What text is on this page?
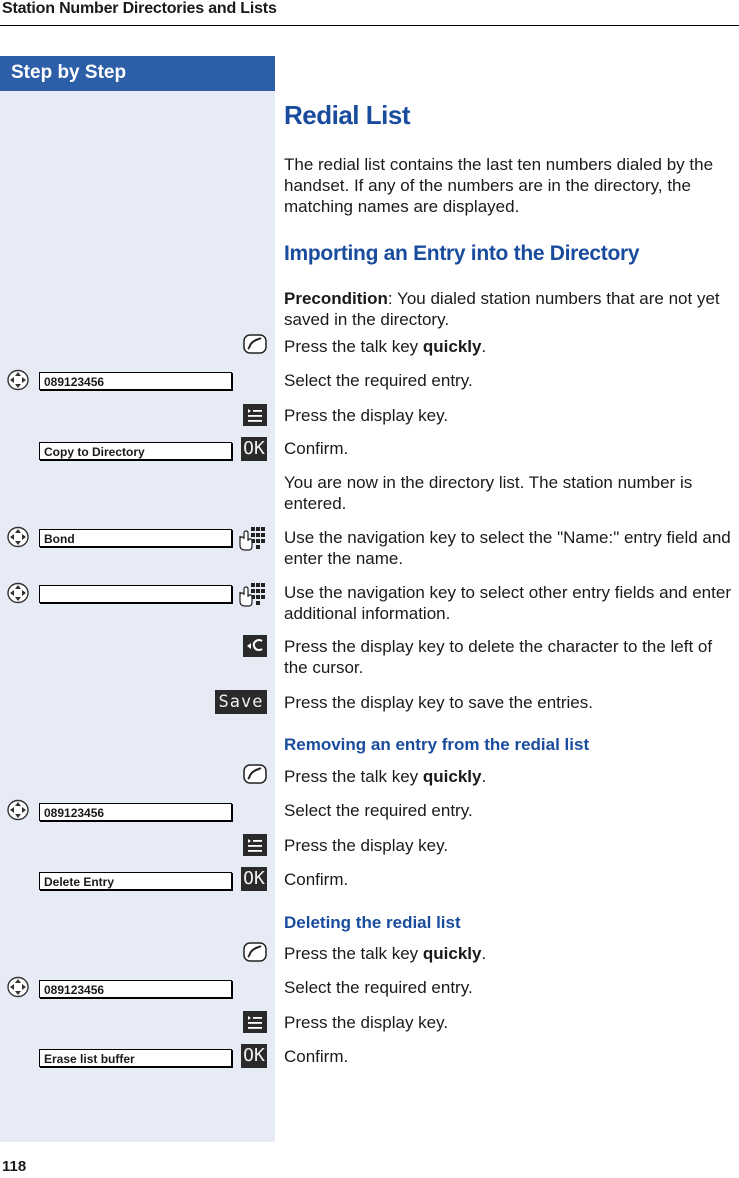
Station Number Directories and Lists
Step by Step
Redial List
The redial list contains the last ten numbers dialed by the handset. If any of the numbers are in the directory, the matching names are displayed.
Importing an Entry into the Directory
Precondition: You dialed station numbers that are not yet saved in the directory.
Press the talk key quickly.
089123456	Select the required entry.
Press the display key.
Copy to Directory	OK Confirm.
You are now in the directory list. The station number is entered.
Bond	Use the navigation key to select the "Name:" entry field and enter the name.
Use the navigation key to select other entry fields and enter additional information.
Press the display key to delete the character to the left of the cursor.
Save Press the display key to save the entries.
Removing an entry from the redial list
Press the talk key quickly.
089123456	Select the required entry.
Press the display key.
Delete Entry	OK Confirm.
Deleting the redial list
Press the talk key quickly.
089123456	Select the required entry.
Press the display key.
Erase list buffer	OK Confirm.
118
